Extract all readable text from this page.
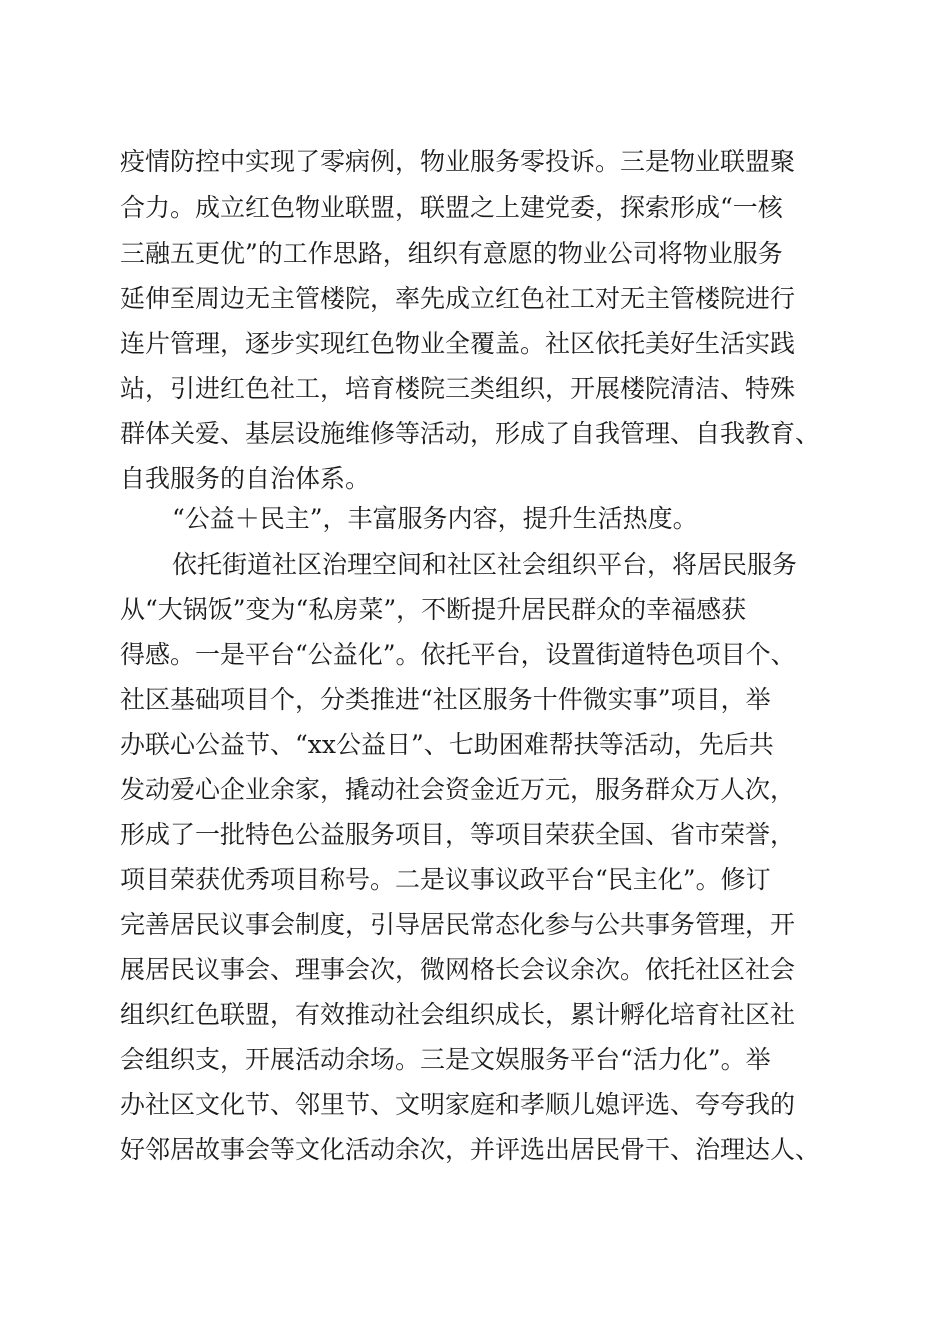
疫情防控中实现了零病例，物业服务零投诉。三是物业联盟聚
合力。成立红色物业联盟，联盟之上建党委，探索形成“一核
三融五更优”的工作思路，组织有意愿的物业公司将物业服务
延伸至周边无主管楼院，率先成立红色社工对无主管楼院进行
连片管理，逐步实现红色物业全覆盖。社区依托美好生活实践
站，引进红色社工，培育楼院三类组织，开展楼院清洁、特殊
群体关爱、基层设施维修等活动，形成了自我管理、自我教育、
自我服务的自治体系。
“公益＋民主”，丰富服务内容，提升生活热度。
依托街道社区治理空间和社区社会组织平台，将居民服务
从“大锅饭”变为“私房菜”，不断提升居民群众的幸福感获
得感。一是平台“公益化”。依托平台，设置街道特色项目个、
社区基础项目个，分类推进“社区服务十件微实事”项目，举
办联心公益节、“xx公益日”、七助困难帮扶等活动，先后共
发动爱心企业余家，撬动社会资金近万元，服务群众万人次，
形成了一批特色公益服务项目，等项目荣获全国、省市荣誉，
项目荣获优秀项目称号。二是议事议政平台“民主化”。修订
完善居民议事会制度，引导居民常态化参与公共事务管理，开
展居民议事会、理事会次，微网格长会议余次。依托社区社会
组织红色联盟，有效推动社会组织成长，累计孵化培育社区社
会组织支，开展活动余场。三是文娱服务平台“活力化”。举
办社区文化节、邻里节、文明家庭和孝顺儿媳评选、夸夸我的
好邻居故事会等文化活动余次，并评选出居民骨干、治理达人、
